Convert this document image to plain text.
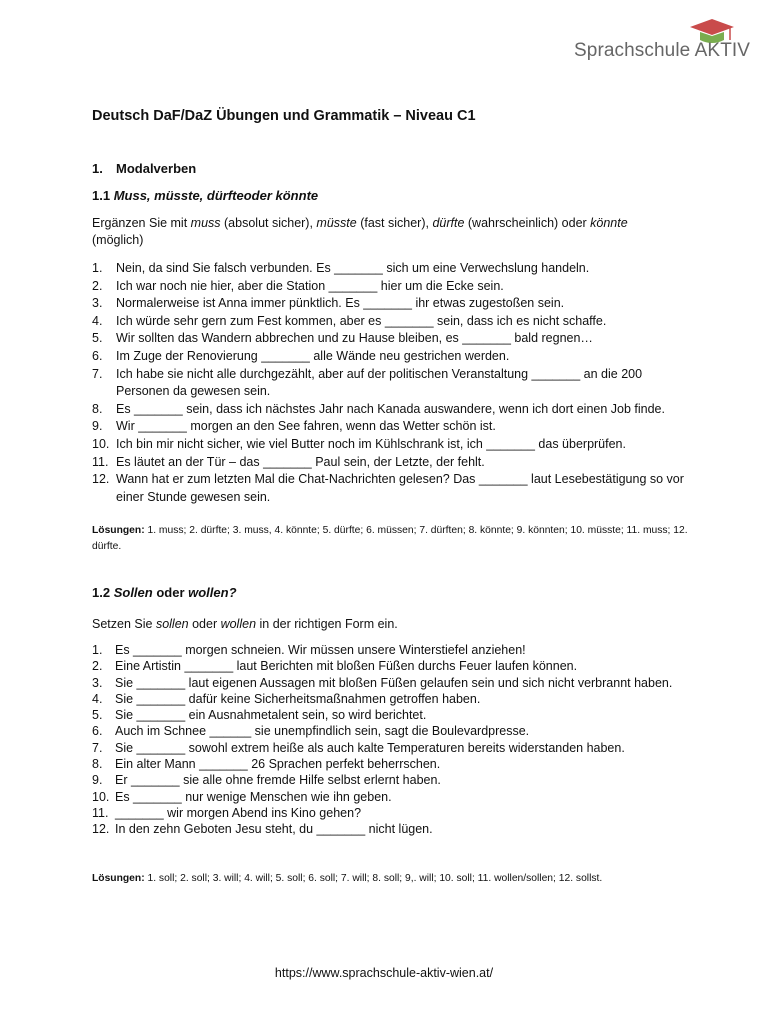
Sprachschule AKTIV
Deutsch DaF/DaZ Übungen und Grammatik – Niveau C1
1. Modalverben
1.1 Muss, müsste, dürfteoder könnte
Ergänzen Sie mit muss (absolut sicher), müsste (fast sicher), dürfte (wahrscheinlich) oder könnte (möglich)
1. Nein, da sind Sie falsch verbunden. Es _______ sich um eine Verwechslung handeln.
2. Ich war noch nie hier, aber die Station _______ hier um die Ecke sein.
3. Normalerweise ist Anna immer pünktlich. Es _______ ihr etwas zugestoßen sein.
4. Ich würde sehr gern zum Fest kommen, aber es _______ sein, dass ich es nicht schaffe.
5. Wir sollten das Wandern abbrechen und zu Hause bleiben, es _______ bald regnen…
6. Im Zuge der Renovierung _______ alle Wände neu gestrichen werden.
7. Ich habe sie nicht alle durchgezählt, aber auf der politischen Veranstaltung _______ an die 200 Personen da gewesen sein.
8. Es _______ sein, dass ich nächstes Jahr nach Kanada auswandere, wenn ich dort einen Job finde.
9. Wir _______ morgen an den See fahren, wenn das Wetter schön ist.
10. Ich bin mir nicht sicher, wie viel Butter noch im Kühlschrank ist, ich _______ das überprüfen.
11. Es läutet an der Tür – das _______ Paul sein, der Letzte, der fehlt.
12. Wann hat er zum letzten Mal die Chat-Nachrichten gelesen? Das _______ laut Lesebestätigung so vor einer Stunde gewesen sein.
Lösungen: 1. muss; 2. dürfte; 3. muss, 4. könnte; 5. dürfte; 6. müssen; 7. dürften; 8. könnte; 9. könnten; 10. müsste; 11. muss; 12. dürfte.
1.2 Sollen oder wollen?
Setzen Sie sollen oder wollen in der richtigen Form ein.
1. Es _______ morgen schneien. Wir müssen unsere Winterstiefel anziehen!
2. Eine Artistin _______ laut Berichten mit bloßen Füßen durchs Feuer laufen können.
3. Sie _______ laut eigenen Aussagen mit bloßen Füßen gelaufen sein und sich nicht verbrannt haben.
4. Sie _______ dafür keine Sicherheitsmaßnahmen getroffen haben.
5. Sie _______ ein Ausnahmetalent sein, so wird berichtet.
6. Auch im Schnee ______ sie unempfindlich sein, sagt die Boulevardpresse.
7. Sie _______ sowohl extrem heiße als auch kalte Temperaturen bereits widerstanden haben.
8. Ein alter Mann _______ 26 Sprachen perfekt beherrschen.
9. Er _______ sie alle ohne fremde Hilfe selbst erlernt haben.
10. Es _______ nur wenige Menschen wie ihn geben.
11. _______ wir morgen Abend ins Kino gehen?
12. In den zehn Geboten Jesu steht, du _______ nicht lügen.
Lösungen: 1. soll; 2. soll; 3. will; 4. will; 5. soll; 6. soll; 7. will; 8. soll; 9,. will; 10. soll; 11. wollen/sollen; 12. sollst.
https://www.sprachschule-aktiv-wien.at/
